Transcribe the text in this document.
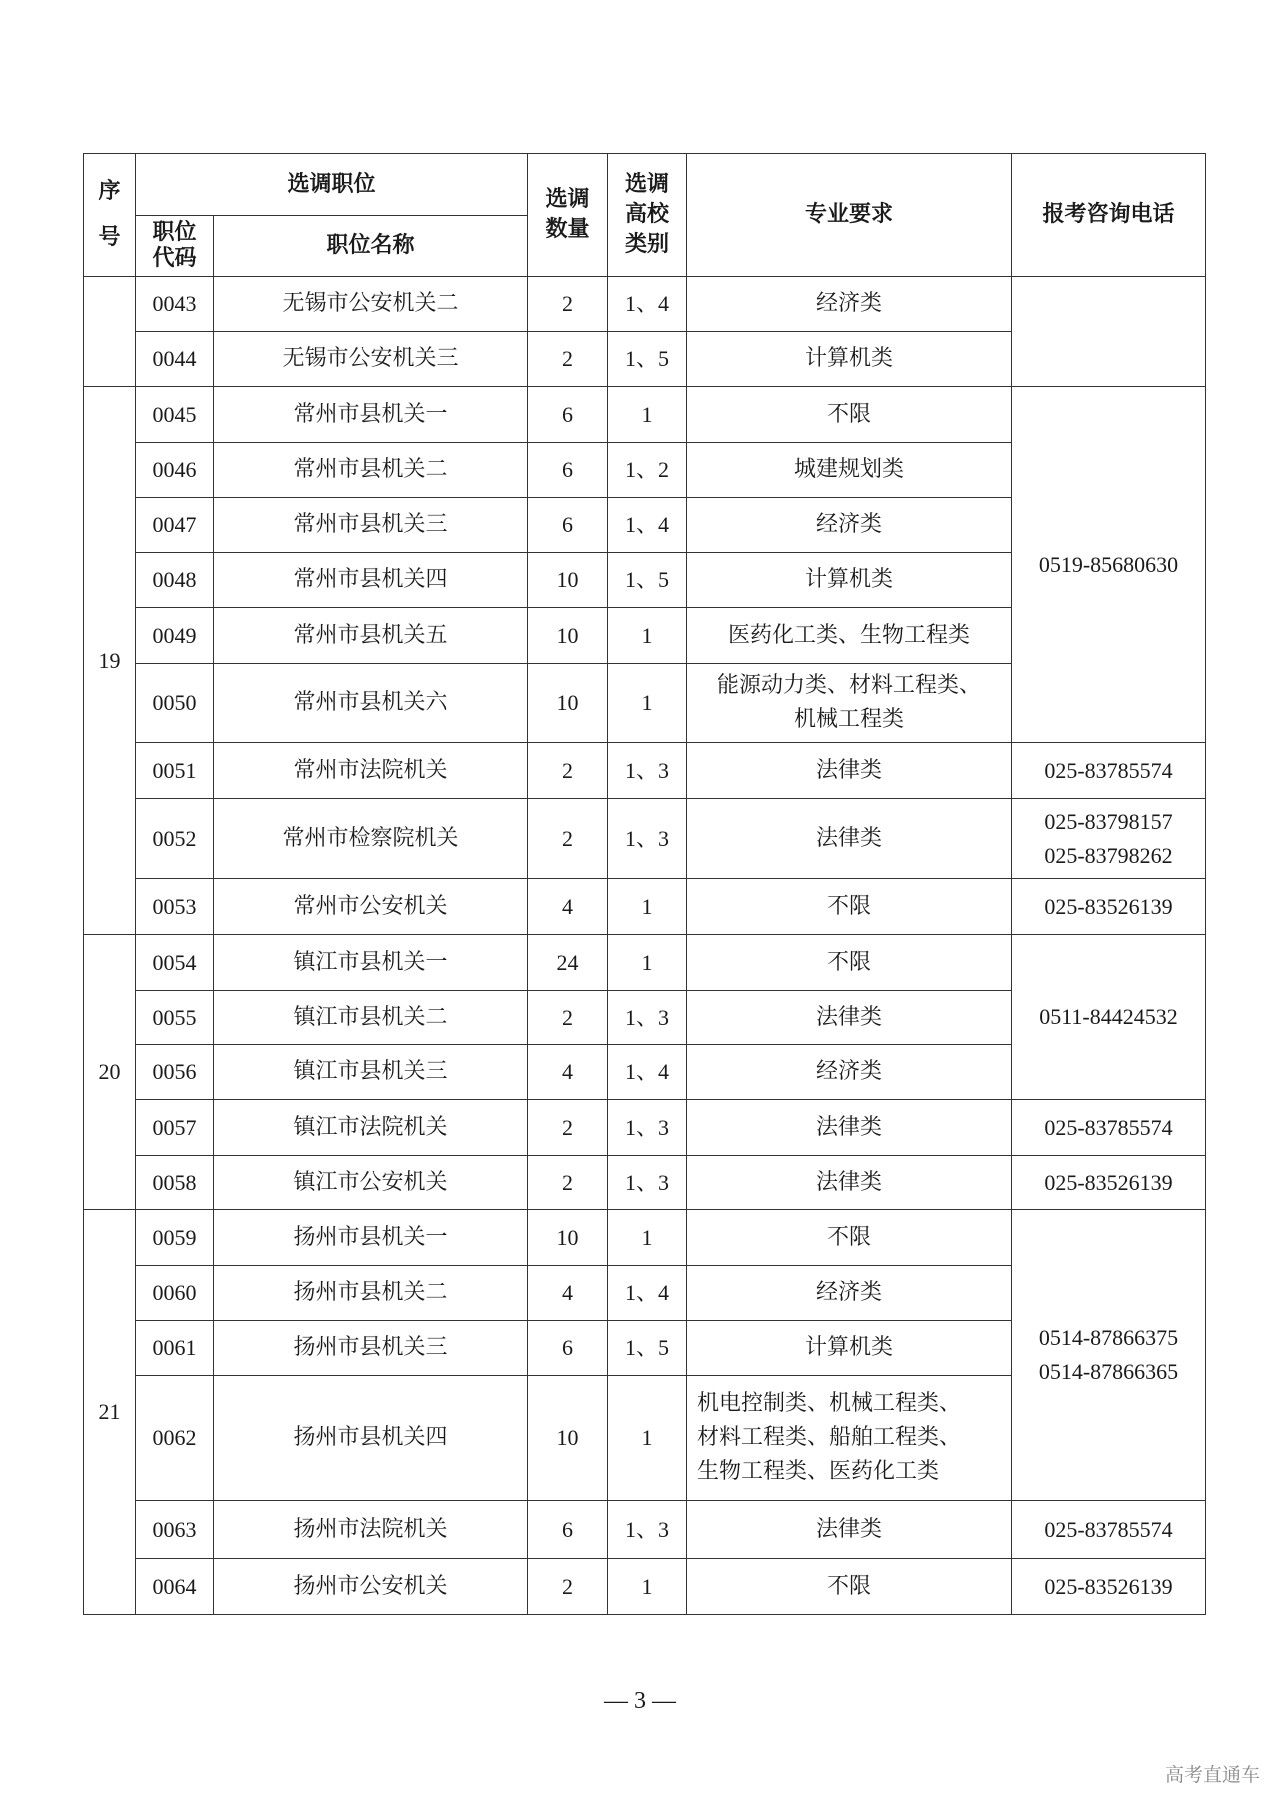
序
号
	选调职位	
选调
数量

选调
高校
类别
	专业要求	报考咨询电话

职位
代码
	职位名称
	0043	无锡市公安机关二	2	1、4	经济类

0044	无锡市公安机关三	2	1、5	计算机类

19	0045	常州市县机关一	6	1	不限

0519-85680630

0046	常州市县机关二	6	1、2	城建规划类

0047	常州市县机关三	6	1、4	经济类

0048	常州市县机关四	10	1、5	计算机类

0049	常州市县机关五	10	1	医药化工类、生物工程类

0050	常州市县机关六	10	1	
能源动力类、材料工程类、
机械工程类

0051	常州市法院机关	2	1、3	法律类	025-83785574

0052	常州市检察院机关	2	1、3	法律类

025-83798157
025-83798262

0053	常州市公安机关	4	1	不限	025-83526139

20	0054	镇江市县机关一	24	1	不限

0511-84424532

0055	镇江市县机关二	2	1、3	法律类

0056	镇江市县机关三	4	1、4	经济类

0057	镇江市法院机关	2	1、3	法律类	025-83785574

0058	镇江市公安机关	2	1、3	法律类	025-83526139

21	0059	扬州市县机关一	10	1	不限

0514-87866375
0514-87866365

0060	扬州市县机关二	4	1、4	经济类

0061	扬州市县机关三	6	1、5	计算机类

0062	扬州市县机关四	10	1	
机电控制类、机械工程类、
材料工程类、船舶工程类、
生物工程类、医药化工类

0063	扬州市法院机关	6	1、3	法律类	025-83785574

0064	扬州市公安机关	2	1	不限	025-83526139
— 3 —
高考直通车
